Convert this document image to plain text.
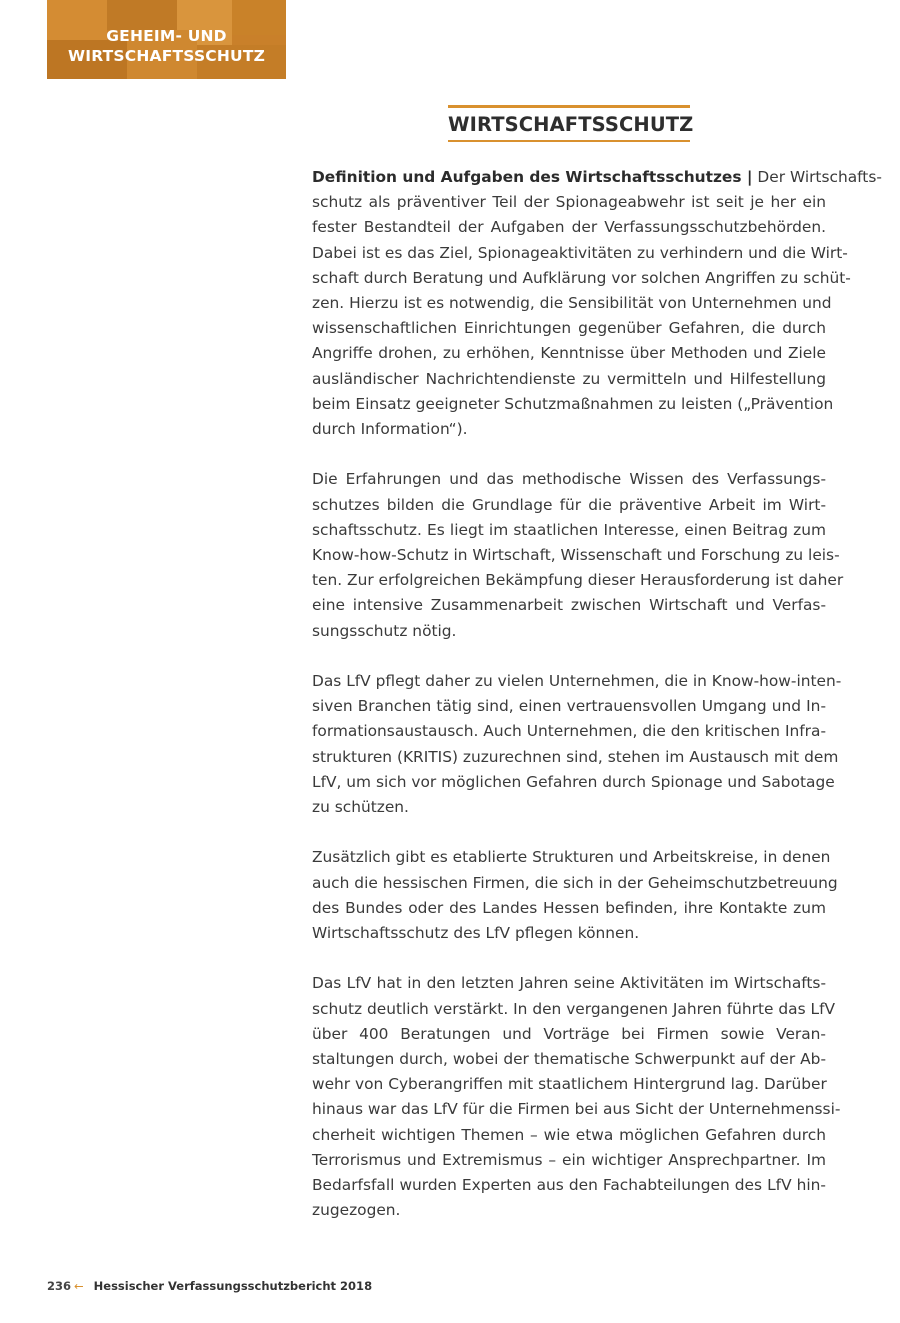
GEHEIM- UND
WIRTSCHAFTSSCHUTZ
WIRTSCHAFTSSCHUTZ
Definition und Aufgaben des Wirtschaftsschutzes | Der Wirtschafts-
schutz als präventiver Teil der Spionageabwehr ist seit je her ein
fester Bestandteil der Aufgaben der Verfassungsschutzbehörden.
Dabei ist es das Ziel, Spionageaktivitäten zu verhindern und die Wirt-
schaft durch Beratung und Aufklärung vor solchen Angriffen zu schüt-
zen. Hierzu ist es notwendig, die Sensibilität von Unternehmen und
wissenschaftlichen Einrichtungen gegenüber Gefahren, die durch
Angriffe drohen, zu erhöhen, Kenntnisse über Methoden und Ziele
ausländischer Nachrichtendienste zu vermitteln und Hilfestellung
beim Einsatz geeigneter Schutzmaßnahmen zu leisten („Prävention
durch Information“).
Die Erfahrungen und das methodische Wissen des Verfassungs-
schutzes bilden die Grundlage für die präventive Arbeit im Wirt-
schaftsschutz. Es liegt im staatlichen Interesse, einen Beitrag zum
Know-how-Schutz in Wirtschaft, Wissenschaft und Forschung zu leis-
ten. Zur erfolgreichen Bekämpfung dieser Herausforderung ist daher
eine intensive Zusammenarbeit zwischen Wirtschaft und Verfas-
sungsschutz nötig.
Das LfV pflegt daher zu vielen Unternehmen, die in Know-how-inten-
siven Branchen tätig sind, einen vertrauensvollen Umgang und In-
formationsaustausch. Auch Unternehmen, die den kritischen Infra-
strukturen (KRITIS) zuzurechnen sind, stehen im Austausch mit dem
LfV, um sich vor möglichen Gefahren durch Spionage und Sabotage
zu schützen.
Zusätzlich gibt es etablierte Strukturen und Arbeitskreise, in denen
auch die hessischen Firmen, die sich in der Geheimschutzbetreuung
des Bundes oder des Landes Hessen befinden, ihre Kontakte zum
Wirtschaftsschutz des LfV pflegen können.
Das LfV hat in den letzten Jahren seine Aktivitäten im Wirtschafts-
schutz deutlich verstärkt. In den vergangenen Jahren führte das LfV
über 400 Beratungen und Vorträge bei Firmen sowie Veran-
staltungen durch, wobei der thematische Schwerpunkt auf der Ab-
wehr von Cyberangriffen mit staatlichem Hintergrund lag. Darüber
hinaus war das LfV für die Firmen bei aus Sicht der Unternehmenssi-
cherheit wichtigen Themen – wie etwa möglichen Gefahren durch
Terrorismus und Extremismus – ein wichtiger Ansprechpartner. Im
Bedarfsfall wurden Experten aus den Fachabteilungen des LfV hin-
zugezogen.
236 ← Hessischer Verfassungsschutzbericht 2018
